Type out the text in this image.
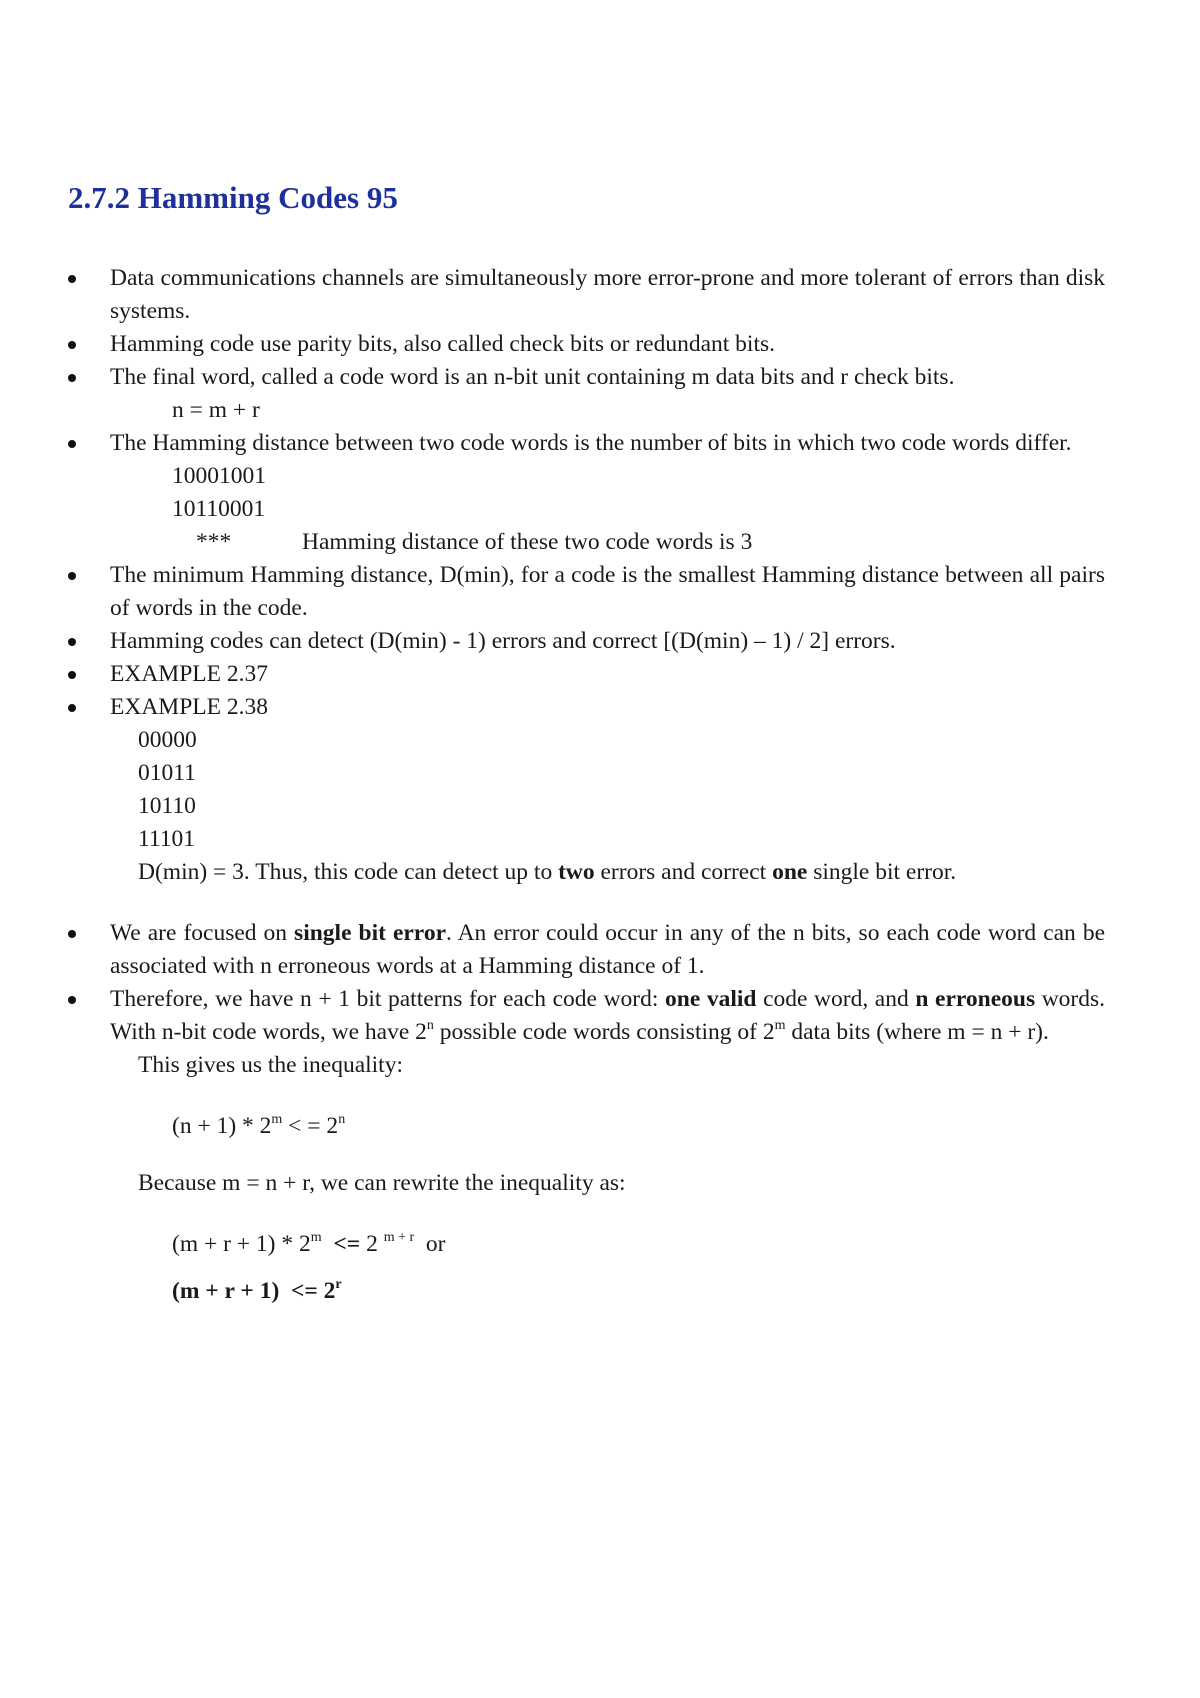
2.7.2 Hamming Codes 95
Data communications channels are simultaneously more error-prone and more tolerant of errors than disk systems.
Hamming code use parity bits, also called check bits or redundant bits.
The final word, called a code word is an n-bit unit containing m data bits and r check bits.
n = m + r
The Hamming distance between two code words is the number of bits in which two code words differ.
10001001
10110001
***	Hamming distance of these two code words is 3
The minimum Hamming distance, D(min), for a code is the smallest Hamming distance between all pairs of words in the code.
Hamming codes can detect (D(min) - 1) errors and correct [(D(min) – 1) / 2] errors.
EXAMPLE 2.37
EXAMPLE 2.38
00000
01011
10110
11101
D(min) = 3. Thus, this code can detect up to two errors and correct one single bit error.
We are focused on single bit error. An error could occur in any of the n bits, so each code word can be associated with n erroneous words at a Hamming distance of 1.
Therefore, we have n + 1 bit patterns for each code word: one valid code word, and n erroneous words. With n-bit code words, we have 2$^n$ possible code words consisting of 2$^m$ data bits (where m = n + r).
This gives us the inequality:
$(n + 1) * 2^m$ < = $2^n$
Because m = n + r, we can rewrite the inequality as:
(m + r + 1) * 2$^m$  <= 2 $^{m + r}$  or
$(m + r + 1) <= 2^r$
